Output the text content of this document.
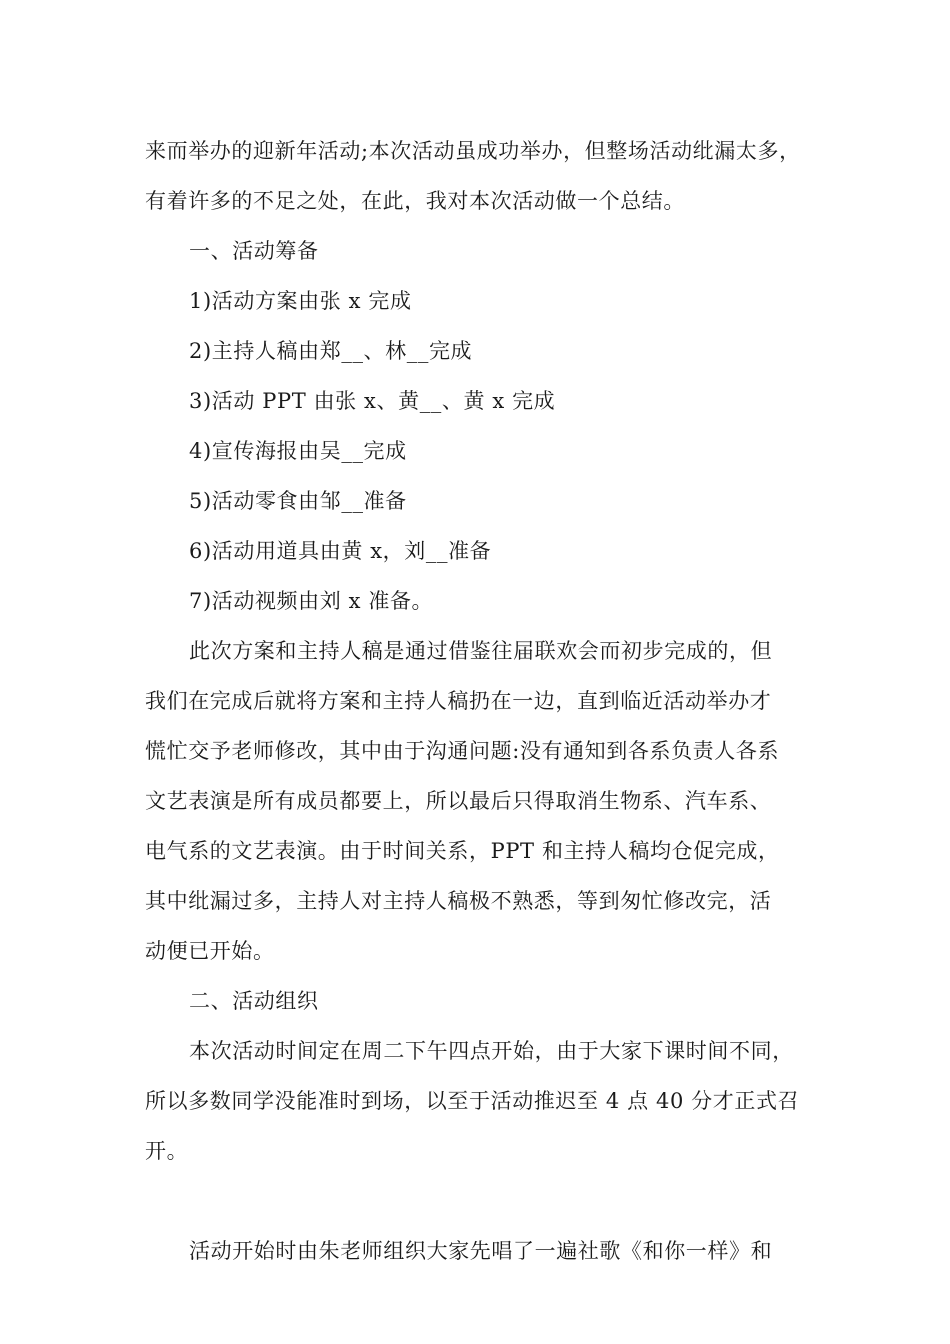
来而举办的迎新年活动;本次活动虽成功举办，但整场活动纰漏太多，
有着许多的不足之处，在此，我对本次活动做一个总结。
一、活动筹备
1)活动方案由张 x 完成
2)主持人稿由郑__、林__完成
3)活动 PPT 由张 x、黄__、黄 x 完成
4)宣传海报由吴__完成
5)活动零食由邹__准备
6)活动用道具由黄 x，刘__准备
7)活动视频由刘 x 准备。
此次方案和主持人稿是通过借鉴往届联欢会而初步完成的，但
我们在完成后就将方案和主持人稿扔在一边，直到临近活动举办才
慌忙交予老师修改，其中由于沟通问题:没有通知到各系负责人各系
文艺表演是所有成员都要上，所以最后只得取消生物系、汽车系、
电气系的文艺表演。由于时间关系，PPT 和主持人稿均仓促完成，
其中纰漏过多，主持人对主持人稿极不熟悉，等到匆忙修改完，活
动便已开始。
二、活动组织
本次活动时间定在周二下午四点开始，由于大家下课时间不同，
所以多数同学没能准时到场，以至于活动推迟至 4 点 40 分才正式召
开。
活动开始时由朱老师组织大家先唱了一遍社歌《和你一样》和
